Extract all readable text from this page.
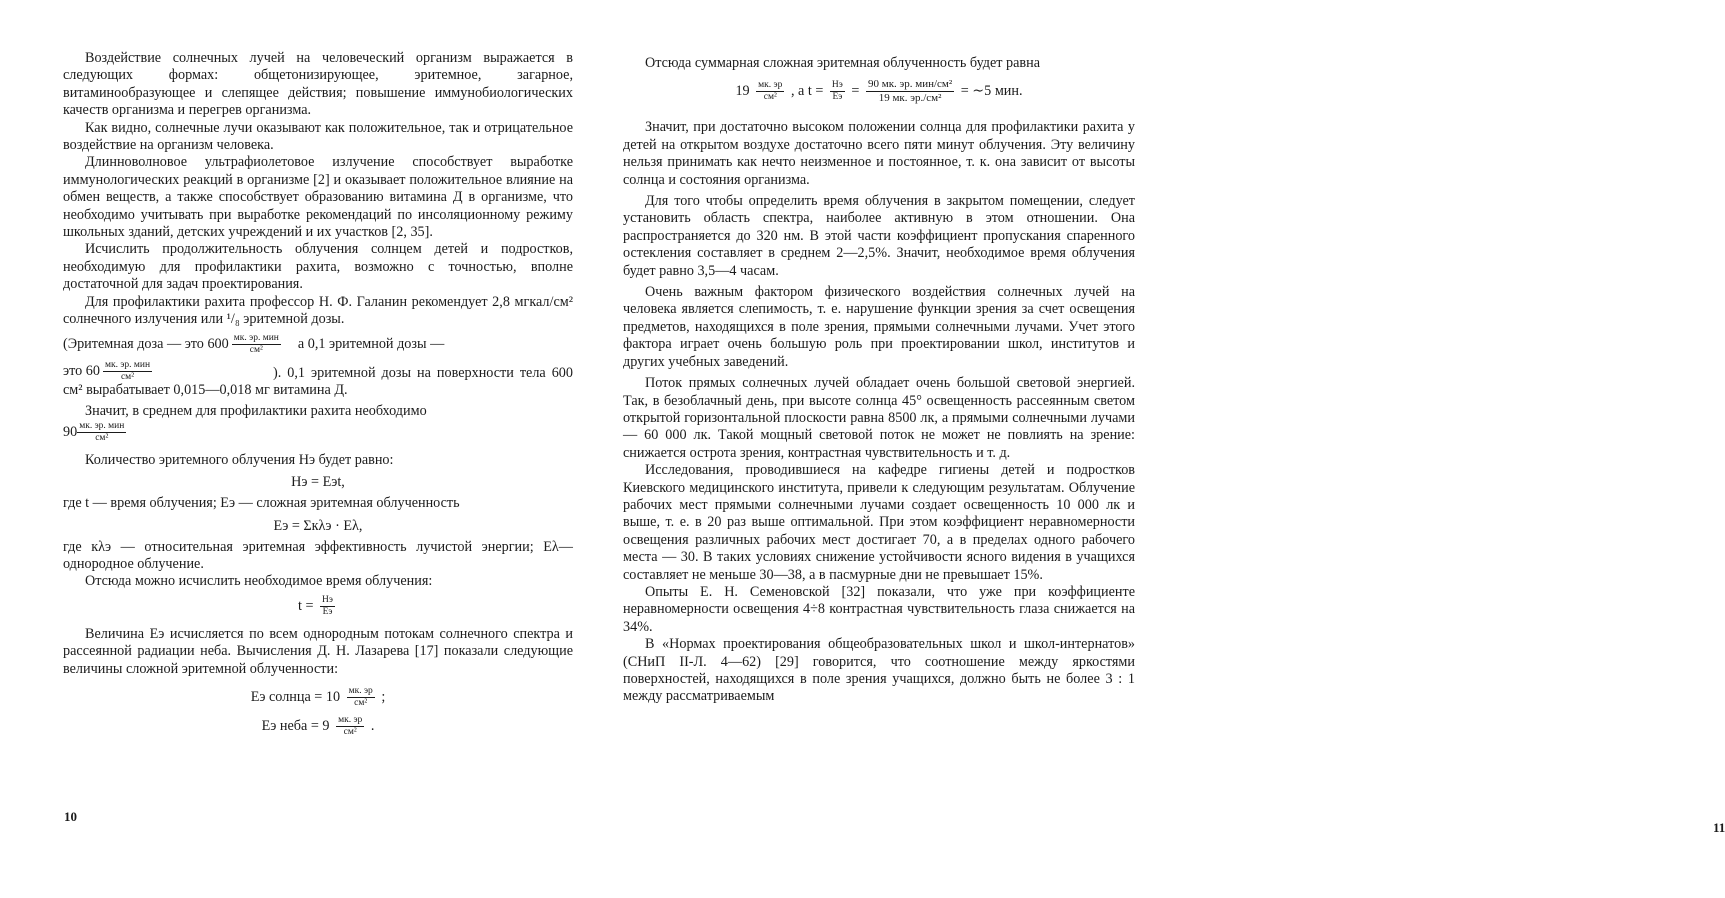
Воздействие солнечных лучей на человеческий организм выражается в следующих формах: общетонизирующее, эритемное, загарное, витаминообразующее и слепящее действия; повышение иммунобиологических качеств организма и перегрев организма.

Как видно, солнечные лучи оказывают как положительное, так и отрицательное воздействие на организм человека.

Длинноволновое ультрафиолетовое излучение способствует выработке иммунологических реакций в организме [2] и оказывает положительное влияние на обмен веществ, а также способствует образованию витамина Д в организме, что необходимо учитывать при выработке рекомендаций по инсоляционному режиму школьных зданий, детских учреждений и их участков [2, 35].

Исчислить продолжительность облучения солнцем детей и подростков, необходимую для профилактики рахита, возможно с точностью, вполне достаточной для задач проектирования.

Для профилактики рахита профессор Н. Ф. Галанин рекомендует 2,8 мгкал/см² солнечного излучения или ¹/₈ эритемной дозы.

(Эритемная доза — это $600 \frac{\text{мк. эр. мин}}{\text{см²}}$ а 0,1 эритемной дозы —
это $60 \frac{\text{мк. эр. мин}}{\text{см²}}$	). 0,1 эритемной дозы на поверхности тела 600 см² вырабатывает 0,015—0,018 мг витамина Д.

Значит, в среднем для профилактики рахита необходимо

$90 \frac{\text{мк. эр. мин}}{\text{см²}}$

Количество эритемного облучения Нэ будет равно:

Нэ = Еэt,

где t — время облучения; Еэ — сложная эритемная облученность

Еэ = Σкλэ · Еλ,

где кλэ — относительная эритемная эффективность лучистой энергии; Еλ— однородное облучение.

Отсюда можно исчислить необходимое время облучения:

$t = \frac{Нэ}{Еэ}$

Величина Еэ исчисляется по всем однородным потокам солнечного спектра и рассеянной радиации неба. Вычисления Д. Н. Лазарева [17] показали следующие величины сложной эритемной облученности:

Еэ солнца = $10 \frac{мк. эр}{\text{см²}}$ ;
Еэ неба = $9 \frac{мк. эр}{\text{см²}}$ .
10

Отсюда суммарная сложная эритемная облученность будет равна

$19 \frac{мк. эр}{\text{см²}}$ , а $t = \frac{Нэ}{Еэ} = \frac{\text{90 мк. эр. мин/см²}}{\text{19 мк. эр./см²}}$ = ∼5 мин.

Значит, при достаточно высоком положении солнца для профилактики рахита у детей на открытом воздухе достаточно всего пяти минут облучения. Эту величину нельзя принимать как нечто неизменное и постоянное, т. к. она зависит от высоты солнца и состояния организма.

Для того чтобы определить время облучения в закрытом помещении, следует установить область спектра, наиболее активную в этом отношении. Она распространяется до 320 нм. В этой части коэффициент пропускания спаренного остекления составляет в среднем 2—2,5%. Значит, необходимое время облучения будет равно 3,5—4 часам.

Очень важным фактором физического воздействия солнечных лучей на человека является слепимость, т. е. нарушение функции зрения за счет освещения предметов, находящихся в поле зрения, прямыми солнечными лучами. Учет этого фактора играет очень большую роль при проектировании школ, институтов и других учебных заведений.

Поток прямых солнечных лучей обладает очень большой световой энергией. Так, в безоблачный день, при высоте солнца 45° освещенность рассеянным светом открытой горизонтальной плоскости равна 8500 лк, а прямыми солнечными лучами — 60 000 лк. Такой мощный световой поток не может не повлиять на зрение: снижается острота зрения, контрастная чувствительность и т. д.

Исследования, проводившиеся на кафедре гигиены детей и подростков Киевского медицинского института, привели к следующим результатам. Облучение рабочих мест прямыми солнечными лучами создает освещенность 10 000 лк и выше, т. е. в 20 раз выше оптимальной. При этом коэффициент неравномерности освещения различных рабочих мест достигает 70, а в пределах одного рабочего места — 30. В таких условиях снижение устойчивости ясного видения в учащихся составляет не меньше 30—38, а в пасмурные дни не превышает 15%.

Опыты Е. Н. Семеновской [32] показали, что уже при коэффициенте неравномерности освещения 4÷8 контрастная чувствительность глаза снижается на 34%.

В «Нормах проектирования общеобразовательных школ и школ-интернатов» (СНиП II-Л. 4—62) [29] говорится, что соотношение между яркостями поверхностей, находящихся в поле зрения учащихся, должно быть не более 3 : 1 между рассматриваемым

11
